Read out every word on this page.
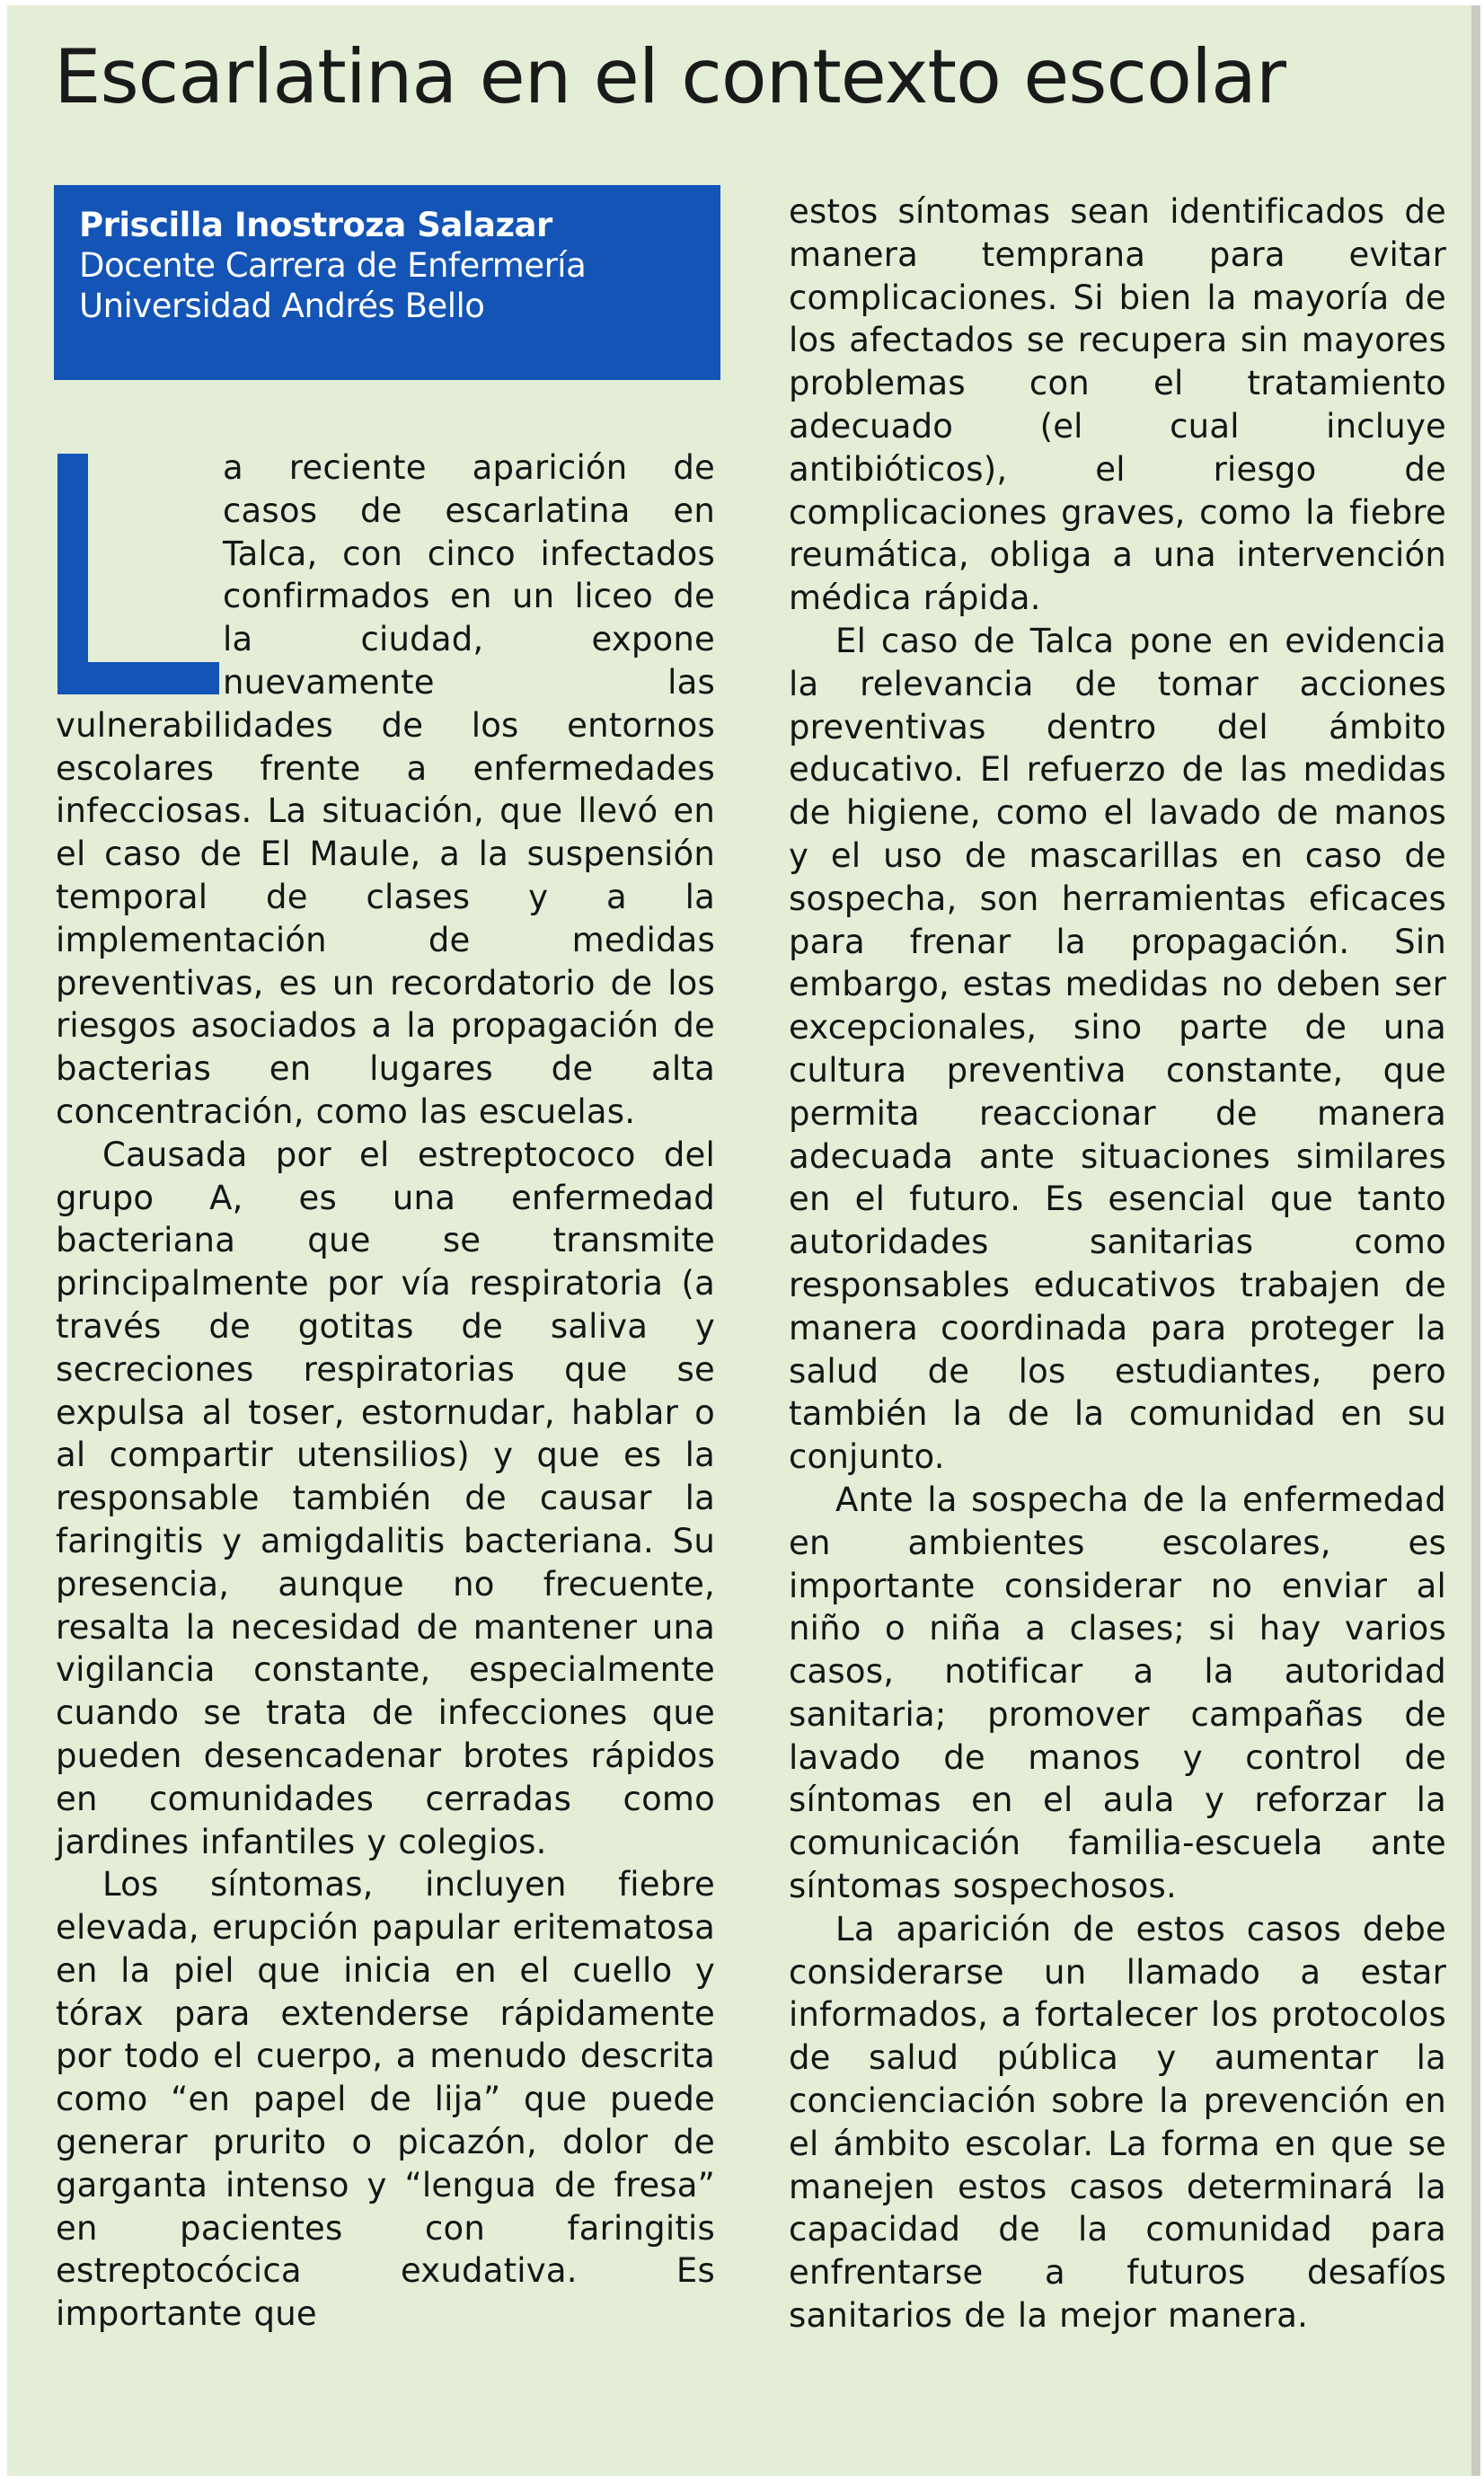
Escarlatina en el contexto escolar
Priscilla Inostroza Salazar
Docente Carrera de Enfermería
Universidad Andrés Bello

a reciente aparición de casos de escarlatina en Talca, con cinco infectados confirmados en un liceo de la ciudad, expone nuevamente las vulnerabilidades de los entornos escolares frente a enfermedades infecciosas. La situación, que llevó en el caso de El Maule, a la suspensión temporal de clases y a la implementación de medidas preventivas, es un recordatorio de los riesgos asociados a la propagación de bacterias en lugares de alta concentración, como las escuelas.

Causada por el estreptococo del grupo A, es una enfermedad bacteriana que se transmite principalmente por vía respiratoria (a través de gotitas de saliva y secreciones respiratorias que se expulsa al toser, estornudar, hablar o al compartir utensilios) y que es la responsable también de causar la faringitis y amigdalitis bacteriana. Su presencia, aunque no frecuente, resalta la necesidad de mantener una vigilancia constante, especialmente cuando se trata de infecciones que pueden desencadenar brotes rápidos en comunidades cerradas como jardines infantiles y colegios.

Los síntomas, incluyen fiebre elevada, erupción papular eritematosa en la piel que inicia en el cuello y tórax para extenderse rápidamente por todo el cuerpo, a menudo descrita como “en papel de lija” que puede generar prurito o picazón, dolor de garganta intenso y “lengua de fresa” en pacientes con faringitis estreptocócica exudativa. Es importante que

estos síntomas sean identificados de manera temprana para evitar complicaciones. Si bien la mayoría de los afectados se recupera sin mayores problemas con el tratamiento adecuado (el cual incluye antibióticos), el riesgo de complicaciones graves, como la fiebre reumática, obliga a una intervención médica rápida.

El caso de Talca pone en evidencia la relevancia de tomar acciones preventivas dentro del ámbito educativo. El refuerzo de las medidas de higiene, como el lavado de manos y el uso de mascarillas en caso de sospecha, son herramientas eficaces para frenar la propagación. Sin embargo, estas medidas no deben ser excepcionales, sino parte de una cultura preventiva constante, que permita reaccionar de manera adecuada ante situaciones similares en el futuro. Es esencial que tanto autoridades sanitarias como responsables educativos trabajen de manera coordinada para proteger la salud de los estudiantes, pero también la de la comunidad en su conjunto.

Ante la sospecha de la enfermedad en ambientes escolares, es importante considerar no enviar al niño o niña a clases; si hay varios casos, notificar a la autoridad sanitaria; promover campañas de lavado de manos y control de síntomas en el aula y reforzar la comunicación familia-escuela ante síntomas sospechosos.

La aparición de estos casos debe considerarse un llamado a estar informados, a fortalecer los protocolos de salud pública y aumentar la concienciación sobre la prevención en el ámbito escolar. La forma en que se manejen estos casos determinará la capacidad de la comunidad para enfrentarse a futuros desafíos sanitarios de la mejor manera.
